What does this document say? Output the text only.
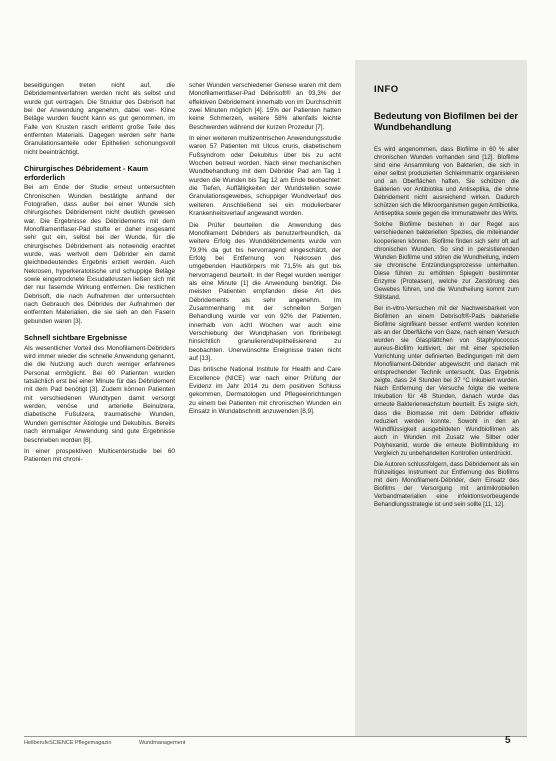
beseitigungen treten nicht auf, die Débridementverfahren werden nicht als selbst und wurde gut vertragen. Die Struktur des Debrisoft hat bei der Anwendung angenehm, dabei wer- Kline Beläge wurden feucht kann es gut genommen, im Falle von Krusten rasch entfernt große Teile des entfernten Materials. Dagegen werden sehr harte Granulationsanteile oder Epithelien schonungsvoll nicht beeinträchtigt.

Chirurgisches Débridement - Kaum erforderlich

Bei am Ende der Studie erneut untersuchten Chronischen Wunden bestätigte anhand der Fotografien, dass außer bei einer Wunde sich chirurgisches Débridement nicht deutlich gewesen war. Die Ergebnisse des Débridements mit dem Monofilamentfaser-Pad stufte er daher insgesamt sehr gut ein, selbst bei der Wunde, für die chirurgisches Débridement als notwendig erachtet wurde, was wertvoll dem Débrider ein damit gleichbedeutendes Ergebnis erzielt werden. Auch Nekrosen, hyperkeratotische und schuppige Beläge sowie eingetrocknete Exsudatkrusten ließen sich mit der nur fasernde Wirkung entfernen. Die restlichen Debrisoft, die nach Aufnahmen der untersuchten nach Gebrauch des Débrides der Aufnahmen der entfernten Materialien, die sie sieh an den Fasern gebunden waren [3].

Schnell sichtbare Ergebnisse

Als wesentlicher Vorteil des Monofilament-Débriders wird immer wieder die schnelle Anwendung genannt, die die Nutzung auch durch weniger erfahrenes Personal ermöglicht. Bei 60 Patienten wurden tatsächlich erst bei einer Minute für das Débridement mit dem Pad benötigt [3]. Zudem können Patienten mit verschiedenen Wundtypen damit versorgt werden, venöse und arterielle Beinulzera, diabetische Fußulzera, traumatische Wunden, Wunden gemischter Ätiologie und Dekubitus. Bereits nach einmaliger Anwendung sind gute Ergebnisse beschrieben worden [6].

In einer prospektiven Multicenterstudie bei 60 Patienten mit chroni-

scher Wunden verschiedener Genese waren mit dem Monofilamentfaser-Pad Débrisoft® an 93,3% der effektiven Débridement innerhalb von im Durchschnitt zwei Minuten möglich [4]. 15% der Patienten hatten keine Schmerzen, weitere 58% allenfalls leichte Beschwerden während der kurzen Prozedur [7].

In einer weiteren multizentrischen Anwendungsstudie waren 57 Patienten mit Ulcus cruris, diabetischem Fußsyndrom oder Dekubitus über bis zu acht Wochen betreut worden. Nach einer mechanischen Wundbehandlung mit dem Débrider Pad am Tag 1 wurden die Wunden bis Tag 12 am Ende beobachtet: die Tiefen, Auffälligkeiten der Wundstellen sowie Granulationsgewebes, schuppiger Wundverlauf des weiteren. Anschließend sei ein modulierbarer Krankenheitsverlauf angewandt worden.

Die Prüfer beurteilen die Anwendung des Monofilament Débriders als benutzerfreundlich, da weitere Erfolg des Wunddébridements wurde von 79,9% da gut bis hervorragend eingeschätzt, der Erfolg bei Entfernung von Nekrosen des umgebenden Hautkörpers mit 71,5% als gut bis hervorragend beurteilt. In der Regel wurden weniger als eine Minute [1] die Anwendung benötigt. Die meisten Patienten empfanden diese Art des Débridements als sehr angenehm. Im Zusammenhang mit der schnellen Sorgen Behandlung wurde vor von 92% der Patienten, innerhalb von acht Wochen war auch eine Verschiebung der Wundphasen von fibrinbelegt hinsichtlich granulierend/epithelisierend zu beobachten. Unerwünschte Ereignisse traten nicht auf [13].

Das britische National Institute for Health and Care Excellence (NICE) war nach einer Prüfung der Evidenz im Jahr 2014 zu dem positiven Schluss gekommen, Dermatologen und Pflegeeinrichtungen zu einem bei Patienten mit chronischen Wunden ein Einsatz in Wundabschnitt anzuwenden [8,9].

INFO
Bedeutung von Biofilmen bei der Wundbehandlung

Es wird angenommen, dass Biofilme in 60 % aller chronischen Wunden vorhanden sind [12]. Biofilme sind eine Ansammlung von Bakterien, die sich in einer selbst produzierten Schleimmatrix organisieren und an Oberflächen haften. Sie schützen die Bakterien vor Antibiotika und Antiseptika, die ohne Débridement nicht ausreichend wirken. Dadurch schützen sich die Mikroorganismen gegen Antibiotika, Antiseptika sowie gegen die Immunabwehr des Wirts.

Solche Biofilme bestehen in der Regel aus verschiedenen bakteriellen Spezies, die miteinander kooperieren können. Biofilme finden sich sehr oft auf chronischen Wunden. So sind in persistierenden Wunden Biofilme und stören die Wundheilung, indem sie chronische Entzündungsprozesse unterhalten. Diese führen zu erhöhten Spiegeln bestimmter Enzyme (Proteasen), welche zur Zerstörung des Gewebes führen, und die Wundheilung kommt zum Stillstand.

Bei in-vitro-Versuchen mit der Nachweisbarkeit von Biofilmen an einem Debrisoft®-Pads bakterielle Biofilme signifikant besser entfernt werden konnten als an der Oberfläche von Gaze, nach einem Versuch wurden sie Glasplättchen von Staphylococcus aureus-Biofilm kultiviert, der mit einer speziellen Vorrichtung unter definierten Bedingungen mit dem Monofilament-Débrider abgewischt und danach mit entsprechender Technik untersucht. Das Ergebnis zeigte, dass 24 Stunden bei 37 °C inkubiert wurden. Nach Entfernung der Versuche folgte die weitere Inkubation für 48 Stunden, danach wurde das erneute Bakterienwachstum beurteilt. Es zeigte sich, dass die Biomasse mit dem Débrider effektiv reduziert werden konnte. Sowohl in den an Wundflüssigkeit ausgebildeten Wundbiofilmen als auch in Wunden mit Zusatz wie Silber oder Polyhexanid, wurde die erneute Biofilmbildung im Vergleich zu unbehandelten Kontrollen unterdrückt.

Die Autoren schlussfolgern, dass Débridement als ein frühzeitiges Instrument zur Entfernung des Biofilms mit dem Monofilament-Débrider, dem Einsatz des Biofilms der Versorgung mit antimikrobiellen Verbandmaterialien eine infektionsvorbeugende Behandlungsstrategie ist und sein sollte [11, 12].

HeilberufeSCIENCE Pflegemagazin	Wundmanagement	5
